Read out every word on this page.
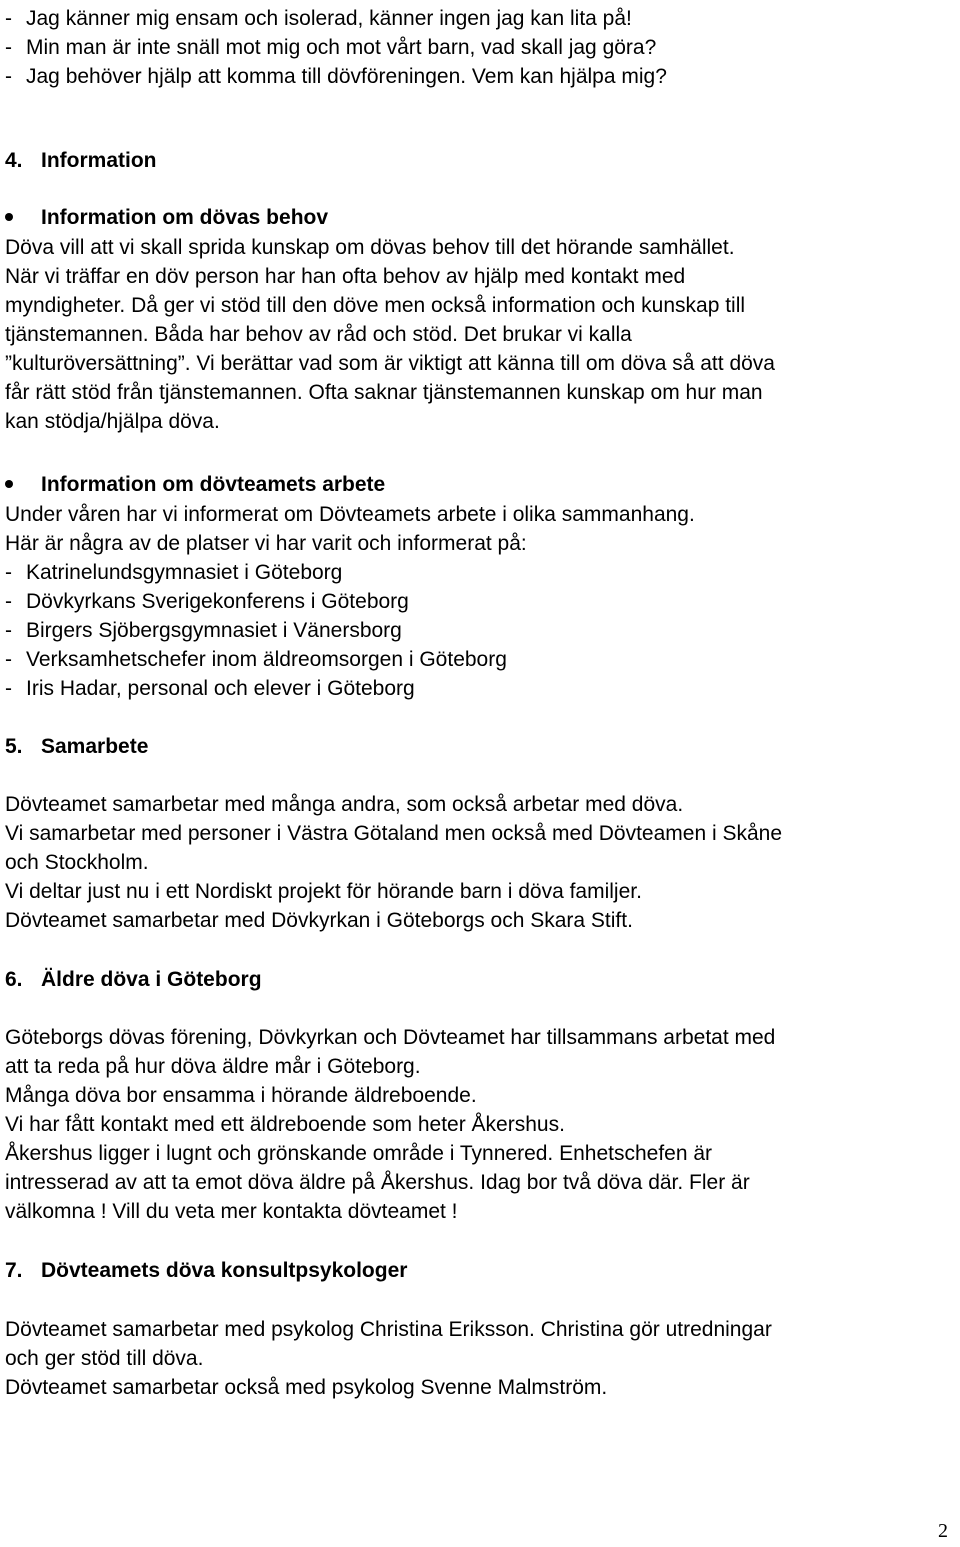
- Jag känner mig ensam och isolerad, känner ingen jag kan lita på!
- Min man är inte snäll mot mig och mot vårt barn, vad skall jag göra?
- Jag behöver hjälp att komma till dövföreningen. Vem kan hjälpa mig?
4. Information
Information om dövas behov
Döva vill att vi skall sprida kunskap om dövas behov till det hörande samhället.
När vi träffar en döv person har han ofta behov av hjälp med kontakt med
myndigheter. Då ger vi stöd till den döve men också information och kunskap till
tjänstemannen. Båda har behov av råd och stöd. Det brukar vi kalla
”kulturöversättning”. Vi berättar vad som är viktigt att känna till om döva så att döva
får rätt stöd från tjänstemannen. Ofta saknar tjänstemannen kunskap om hur man
kan stödja/hjälpa döva.
Information om dövteamets arbete
Under våren har vi informerat om Dövteamets arbete i olika sammanhang.
Här är några av de platser vi har varit och informerat på:
- Katrinelundsgymnasiet i Göteborg
- Dövkyrkans Sverigekonferens i Göteborg
- Birgers Sjöbergsgymnasiet i Vänersborg
- Verksamhetschefer inom äldreomsorgen i Göteborg
- Iris Hadar, personal och elever i Göteborg
5. Samarbete
Dövteamet samarbetar med många andra, som också arbetar med döva.
Vi samarbetar med personer i Västra Götaland men också med Dövteamen i Skåne
och Stockholm.
Vi deltar just nu i ett Nordiskt projekt för hörande barn i döva familjer.
Dövteamet samarbetar med Dövkyrkan i Göteborgs och Skara Stift.
6. Äldre döva i Göteborg
Göteborgs dövas förening, Dövkyrkan och Dövteamet har tillsammans arbetat med
att ta reda på hur döva äldre mår i Göteborg.
Många döva bor ensamma i hörande äldreboende.
Vi har fått kontakt med ett äldreboende som heter Åkershus.
Åkershus ligger i lugnt och grönskande område i Tynnered. Enhetschefen är
intresserad av att ta emot döva äldre på Åkershus. Idag bor två döva där. Fler är
välkomna ! Vill du veta mer kontakta dövteamet !
7. Dövteamets döva konsultpsykologer
Dövteamet samarbetar med psykolog Christina Eriksson. Christina gör utredningar
och ger stöd till döva.
Dövteamet samarbetar också med psykolog Svenne Malmström.
2
